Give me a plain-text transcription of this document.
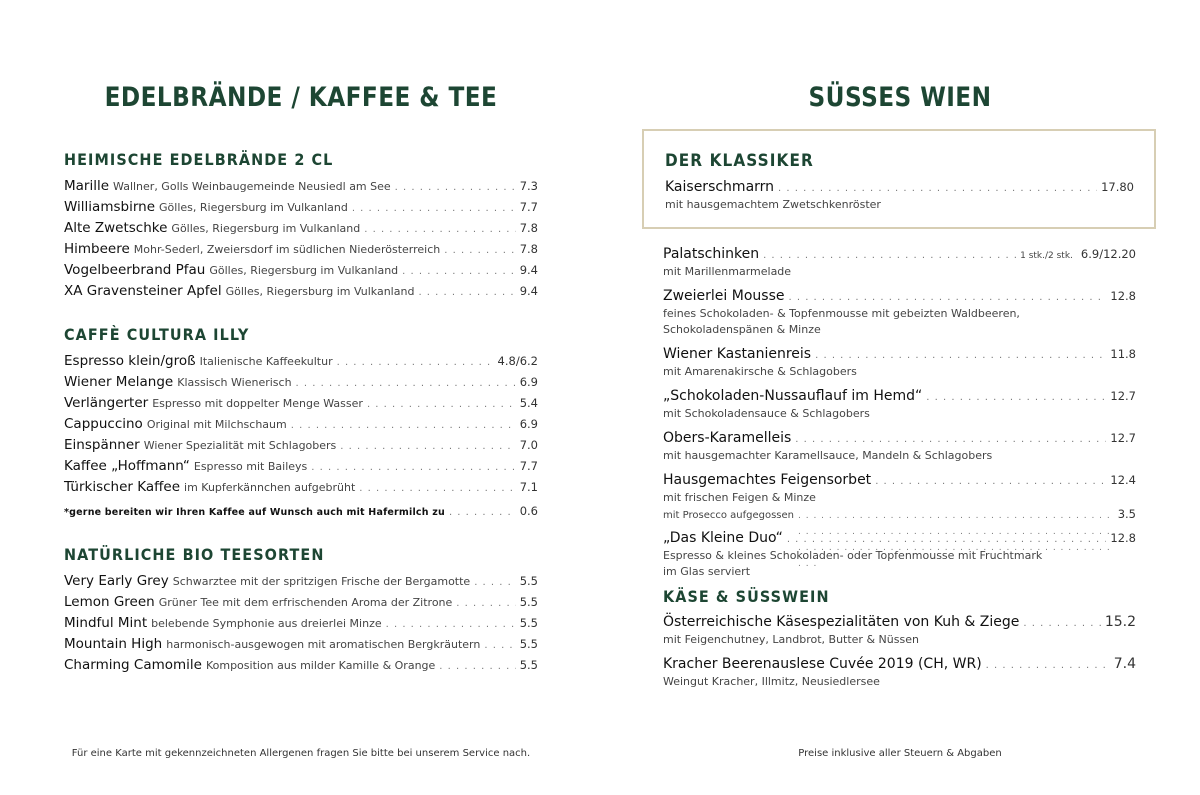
EDELBRÄNDE / KAFFEE & TEE
HEIMISCHE EDELBRÄNDE 2 CL
Marille Wallner, Golls Weinbaugemeinde Neusiedl am See . . .	7.3
Williamsbirne Gölles, Riegersburg im Vulkanland . . .	7.7
Alte Zwetschke Gölles, Riegersburg im Vulkanland . . .	7.8
Himbeere Mohr-Sederl, Zweiersdorf im südlichen Niederösterreich . . .	7.8
Vogelbeerbrand Pfau Gölles, Riegersburg im Vulkanland . . .	9.4
XA Gravensteiner Apfel Gölles, Riegersburg im Vulkanland . . .	9.4
CAFFÈ CULTURA ILLY
Espresso klein/groß Italienische Kaffeekultur . . .	4.8/6.2
Wiener Melange Klassisch Wienerisch . . .	6.9
Verlängerter Espresso mit doppelter Menge Wasser . . .	5.4
Cappuccino Original mit Milchschaum . . .	6.9
Einspänner Wiener Spezialität mit Schlagobers . . .	7.0
Kaffee „Hoffmann“ Espresso mit Baileys . . .	7.7
Türkischer Kaffee im Kupferkännchen aufgebrüht . . .	7.1
*gerne bereiten wir Ihren Kaffee auf Wunsch auch mit Hafermilch zu . . .	0.6
NATÜRLICHE BIO TEESORTEN
Very Early Grey Schwarztee mit der spritzigen Frische der Bergamotte . . .	5.5
Lemon Green Grüner Tee mit dem erfrischenden Aroma der Zitrone . . .	5.5
Mindful Mint belebende Symphonie aus dreierlei Minze . . .	5.5
Mountain High harmonisch-ausgewogen mit aromatischen Bergkräutern . . .	5.5
Charming Camomile Komposition aus milder Kamille & Orange . . .	5.5
Für eine Karte mit gekennzeichneten Allergenen fragen Sie bitte bei unserem Service nach.
SÜSSES WIEN
DER KLASSIKER
Kaiserschmarrn . . .	17.80
mit hausgemachtem Zwetschkenröster
Palatschinken . . .	1 stk./2 stk. 6.9/12.20
mit Marillenmarmelade
Zweierlei Mousse . . .	12.8
feines Schokoladen- & Topfenmousse mit gebeizten Waldbeeren,
Schokoladenspänen & Minze
Wiener Kastanienreis . . .	11.8
mit Amarenakirsche & Schlagobers
„Schokoladen-Nussauflauf im Hemd“ . . .	12.7
mit Schokoladensauce & Schlagobers
Obers-Karamelleis . . .	12.7
mit hausgemachter Karamellsauce, Mandeln & Schlagobers
Hausgemachtes Feigensorbet . . .	12.4
mit frischen Feigen & Minze
mit Prosecco aufgegossen . . .	3.5
„Das Kleine Duo“ . . .	12.8
Espresso & kleines Schokoladen- oder Topfenmousse mit Fruchtmark
im Glas serviert
KÄSE & SÜSSWEIN
Österreichische Käsespezialitäten von Kuh & Ziege . . .	15.2
mit Feigenchutney, Landbrot, Butter & Nüssen
Kracher Beerenauslese Cuvée 2019 (CH, WR) . . .	7.4
Weingut Kracher, Illmitz, Neusiedlersee
Preise inklusive aller Steuern & Abgaben
